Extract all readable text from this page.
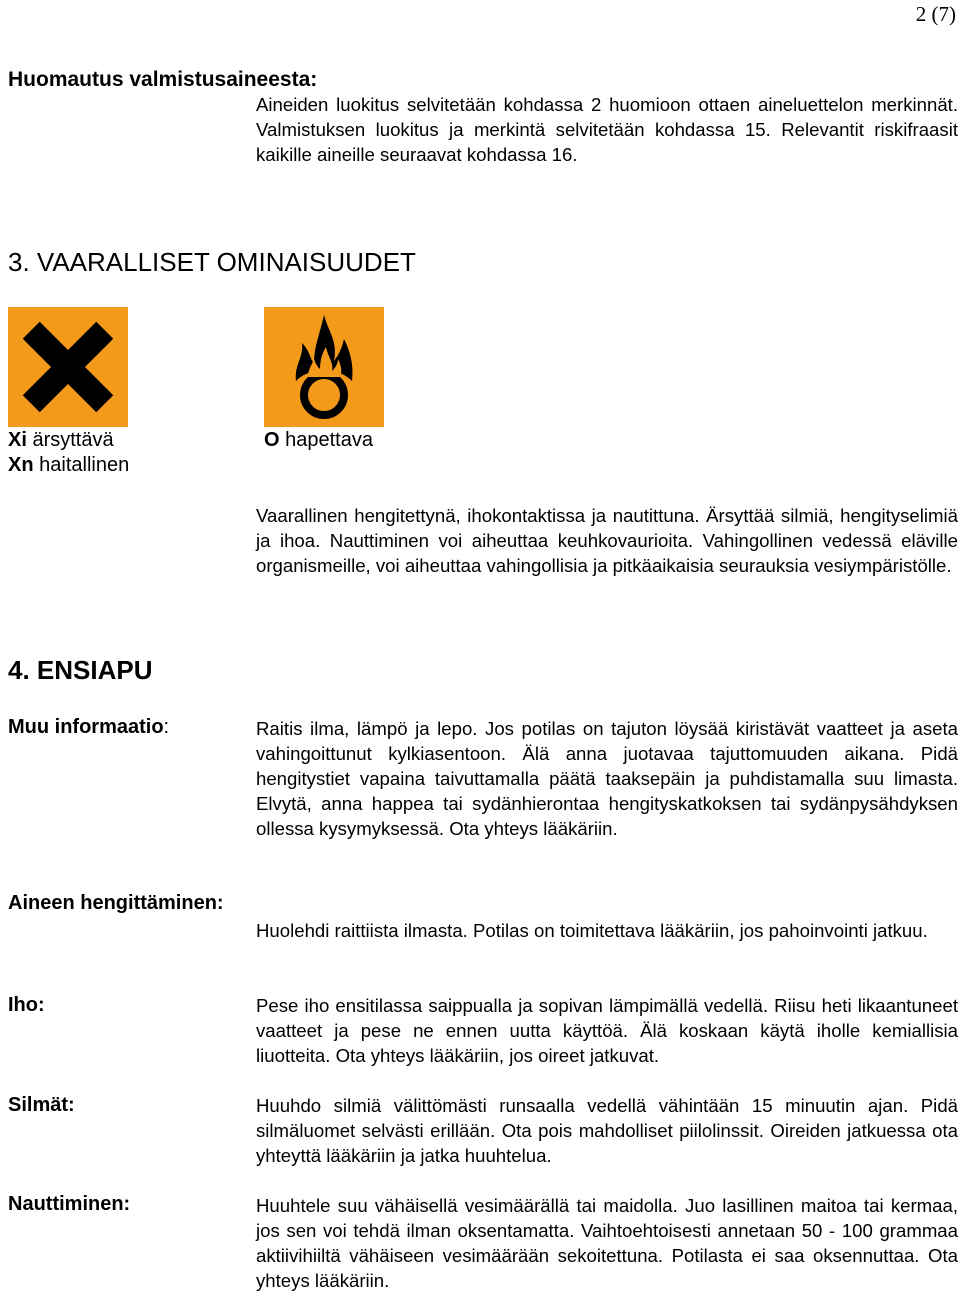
2 (7)
Huomautus valmistusaineesta:
Aineiden luokitus selvitetään kohdassa 2 huomioon ottaen aineluettelon merkinnät. Valmistuksen luokitus ja merkintä selvitetään kohdassa 15. Relevantit riskifraasit kaikille aineille seuraavat kohdassa 16.
3. VAARALLISET OMINAISUUDET
Xi ärsyttävä
Xn haitallinen
O hapettava
Vaarallinen hengitettynä, ihokontaktissa ja nautittuna. Ärsyttää silmiä, hengityselimiä ja ihoa. Nauttiminen voi aiheuttaa keuhkovaurioita. Vahingollinen vedessä eläville organismeille, voi aiheuttaa vahingollisia ja pitkäaikaisia seurauksia vesiympäristölle.
4. ENSIAPU
Muu informaatio:	Raitis ilma, lämpö ja lepo. Jos potilas on tajuton löysää kiristävät vaatteet ja aseta vahingoittunut kylkiasentoon. Älä anna juotavaa tajuttomuuden aikana. Pidä hengitystiet vapaina taivuttamalla päätä taaksepäin ja puhdistamalla suu limasta. Elvytä, anna happea tai sydänhierontaa hengityskatkoksen tai sydänpysähdyksen ollessa kysymyksessä. Ota yhteys lääkäriin.
Aineen hengittäminen:
Huolehdi raittiista ilmasta. Potilas on toimitettava lääkäriin, jos pahoinvointi jatkuu.
Iho:	Pese iho ensitilassa saippualla ja sopivan lämpimällä vedellä. Riisu heti likaantuneet vaatteet ja pese ne ennen uutta käyttöä. Älä koskaan käytä iholle kemiallisia liuotteita. Ota yhteys lääkäriin, jos oireet jatkuvat.
Silmät:	Huuhdo silmiä välittömästi runsaalla vedellä vähintään 15 minuutin ajan. Pidä silmäluomet selvästi erillään. Ota pois mahdolliset piilolinssit. Oireiden jatkuessa ota yhteyttä lääkäriin ja jatka huuhtelua.
Nauttiminen:	Huuhtele suu vähäisellä vesimäärällä tai maidolla. Juo lasillinen maitoa tai kermaa, jos sen voi tehdä ilman oksentamatta. Vaihtoehtoisesti annetaan 50 - 100 grammaa aktiivihiiltä vähäiseen vesimäärään sekoitettuna. Potilasta ei saa oksennuttaa. Ota yhteys lääkäriin.
